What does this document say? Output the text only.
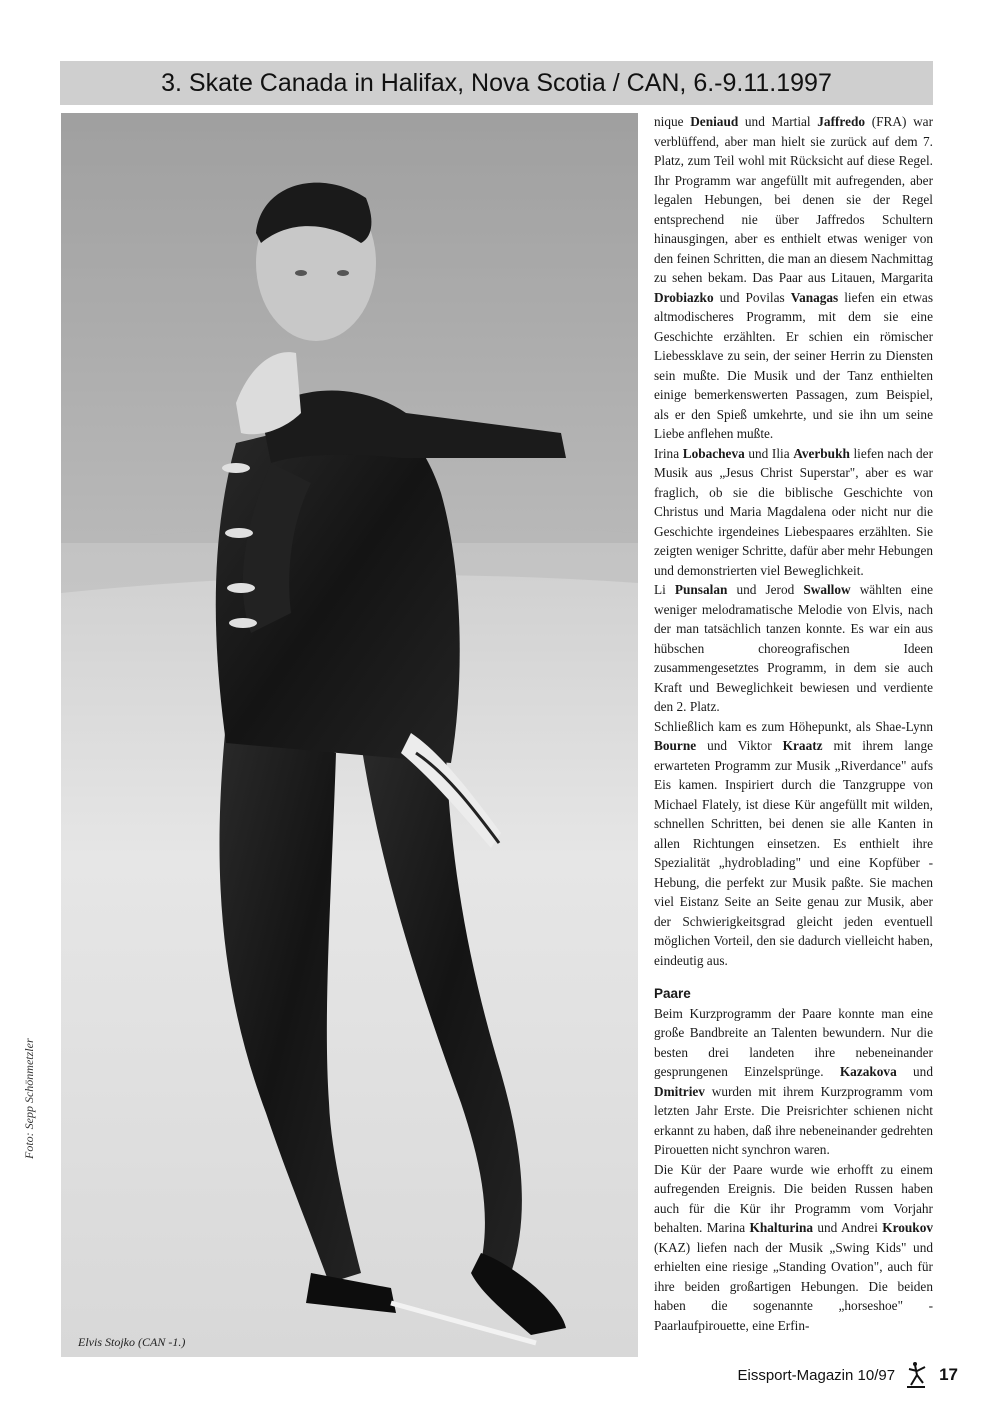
3. Skate Canada in Halifax, Nova Scotia / CAN, 6.-9.11.1997
Foto: Sepp Schönmetzler
Elvis Stojko (CAN -1.)

nique Deniaud und Martial Jaffredo (FRA) war verblüffend, aber man hielt sie zurück auf dem 7. Platz, zum Teil wohl mit Rücksicht auf diese Regel. Ihr Programm war angefüllt mit aufregenden, aber legalen Hebungen, bei denen sie der Regel entsprechend nie über Jaffredos Schultern hinausgingen, aber es enthielt etwas weniger von den feinen Schritten, die man an diesem Nachmittag zu sehen bekam. Das Paar aus Litauen, Margarita Drobiazko und Povilas Vanagas liefen ein etwas altmodischeres Programm, mit dem sie eine Geschichte erzählten. Er schien ein römischer Liebessklave zu sein, der seiner Herrin zu Diensten sein mußte. Die Musik und der Tanz enthielten einige bemerkenswerten Passagen, zum Beispiel, als er den Spieß umkehrte, und sie ihn um seine Liebe anflehen mußte.

Irina Lobacheva und Ilia Averbukh liefen nach der Musik aus „Jesus Christ Superstar", aber es war fraglich, ob sie die biblische Geschichte von Christus und Maria Magdalena oder nicht nur die Geschichte irgendeines Liebespaares erzählten. Sie zeigten weniger Schritte, dafür aber mehr Hebungen und demonstrierten viel Beweglichkeit.

Li Punsalan und Jerod Swallow wählten eine weniger melodramatische Melodie von Elvis, nach der man tatsächlich tanzen konnte. Es war ein aus hübschen choreografischen Ideen zusammengesetztes Programm, in dem sie auch Kraft und Beweglichkeit bewiesen und verdiente den 2. Platz.

Schließlich kam es zum Höhepunkt, als Shae-Lynn Bourne und Viktor Kraatz mit ihrem lange erwarteten Programm zur Musik „Riverdance" aufs Eis kamen. Inspiriert durch die Tanzgruppe von Michael Flately, ist diese Kür angefüllt mit wilden, schnellen Schritten, bei denen sie alle Kanten in allen Richtungen einsetzen. Es enthielt ihre Spezialität „hydroblading" und eine Kopfüber - Hebung, die perfekt zur Musik paßte. Sie machen viel Eistanz Seite an Seite genau zur Musik, aber der Schwierigkeitsgrad gleicht jeden eventuell möglichen Vorteil, den sie dadurch vielleicht haben, eindeutig aus.

Paare

Beim Kurzprogramm der Paare konnte man eine große Bandbreite an Talenten bewundern. Nur die besten drei landeten ihre nebeneinander gesprungenen Einzelsprünge. Kazakova und Dmitriev wurden mit ihrem Kurzprogramm vom letzten Jahr Erste. Die Preisrichter schienen nicht erkannt zu haben, daß ihre nebeneinander gedrehten Pirouetten nicht synchron waren.

Die Kür der Paare wurde wie erhofft zu einem aufregenden Ereignis. Die beiden Russen haben auch für die Kür ihr Programm vom Vorjahr behalten. Marina Khalturina und Andrei Kroukov (KAZ) liefen nach der Musik „Swing Kids" und erhielten eine riesige „Standing Ovation", auch für ihre beiden großartigen Hebungen. Die beiden haben die sogenannte „horseshoe" - Paarlaufpirouette, eine Erfin-

Eissport-Magazin 10/97	17
